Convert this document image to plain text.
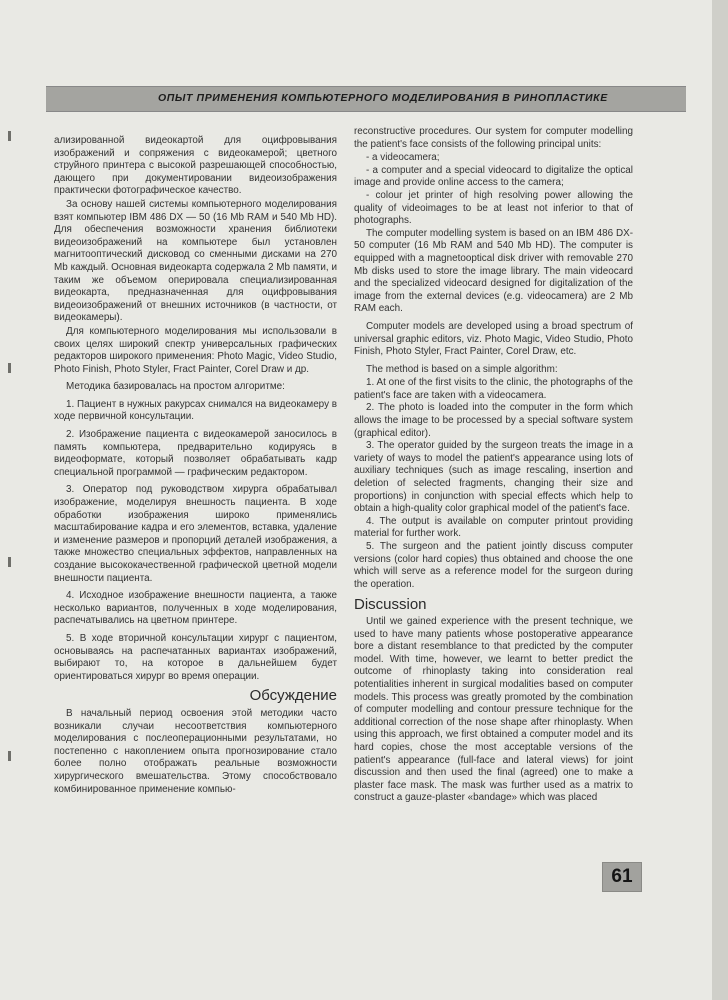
ОПЫТ ПРИМЕНЕНИЯ КОМПЬЮТЕРНОГО МОДЕЛИРОВАНИЯ В РИНОПЛАСТИКЕ

ализированной видеокартой для оцифровывания изображений и сопряжения с видеокамерой; цветного струйного принтера с высокой разрешающей способностью, дающего при документировании видеоизображения практически фотографическое качество.

За основу нашей системы компьютерного моделирования взят компьютер IBM 486 DX — 50 (16 Mb RAM и 540 Mb HD). Для обеспечения возможности хранения библиотеки видеоизображений на компьютере был установлен магнитооптический дисковод со сменными дисками на 270 Mb каждый. Основная видеокарта содержала 2 Mb памяти, и таким же объемом оперировала специализированная видеокарта, предназначенная для оцифровывания видеоизображений от внешних источников (в частности, от видеокамеры).

Для компьютерного моделирования мы использовали в своих целях широкий спектр универсальных графических редакторов широкого применения: Photo Magic, Video Studio, Photo Finish, Photo Styler, Fract Painter, Corel Draw и др.

Методика базировалась на простом алгоритме:

1. Пациент в нужных ракурсах снимался на видеокамеру в ходе первичной консультации.

2. Изображение пациента с видеокамерой заносилось в память компьютера, предварительно кодируясь в видеоформате, который позволяет обрабатывать кадр специальной программой — графическим редактором.

3. Оператор под руководством хирурга обрабатывал изображение, моделируя внешность пациента. В ходе обработки изображения широко применялись масштабирование кадра и его элементов, вставка, удаление и изменение размеров и пропорций деталей изображения, а также множество специальных эффектов, направленных на создание высококачественной графической цветной модели внешности пациента.

4. Исходное изображение внешности пациента, а также несколько вариантов, полученных в ходе моделирования, распечатывались на цветном принтере.

5. В ходе вторичной консультации хирург с пациентом, основываясь на распечатанных вариантах изображений, выбирают то, на которое в дальнейшем будет ориентироваться хирург во время операции.

Обсуждение

В начальный период освоения этой методики часто возникали случаи несоответствия компьютерного моделирования с послеоперационными результатами, но постепенно с накоплением опыта прогнозирование стало более полно отображать реальные возможности хирургического вмешательства. Этому способствовало комбинированное применение компью-

reconstructive procedures. Our system for computer modelling the patient's face consists of the following principal units:

- a videocamera;

- a computer and a special videocard to digitalize the optical image and provide online access to the camera;

- colour jet printer of high resolving power allowing the quality of videoimages to be at least not inferior to that of photographs.

The computer modelling system is based on an IBM 486 DX-50 computer (16 Mb RAM and 540 Mb HD). The computer is equipped with a magnetooptical disk driver with removable 270 Mb disks used to store the image library. The main videocard and the specialized videocard designed for digitalization of the image from the external devices (e.g. videocamera) are 2 Mb RAM each.

Computer models are developed using a broad spectrum of universal graphic editors, viz. Photo Magic, Video Studio, Photo Finish, Photo Styler, Fract Painter, Corel Draw, etc.

The method is based on a simple algorithm:

1. At one of the first visits to the clinic, the photographs of the patient's face are taken with a videocamera.

2. The photo is loaded into the computer in the form which allows the image to be processed by a special software system (graphical editor).

3. The operator guided by the surgeon treats the image in a variety of ways to model the patient's appearance using lots of auxiliary techniques (such as image rescaling, insertion and deletion of selected fragments, changing their size and proportions) in conjunction with special effects which help to obtain a high-quality color graphical model of the patient's face.

4. The output is available on computer printout providing material for further work.

5. The surgeon and the patient jointly discuss computer versions (color hard copies) thus obtained and choose the one which will serve as a reference model for the surgeon during the operation.

Discussion

Until we gained experience with the present technique, we used to have many patients whose postoperative appearance bore a distant resemblance to that predicted by the computer model. With time, however, we learnt to better predict the outcome of rhinoplasty taking into consideration real potentialities inherent in surgical modalities based on computer models. This process was greatly promoted by the combination of computer modelling and contour pressure technique for the additional correction of the nose shape after rhinoplasty. When using this approach, we first obtained a computer model and its hard copies, chose the most acceptable versions of the patient's appearance (full-face and lateral views) for joint discussion and then used the final (agreed) one to make a plaster face mask. The mask was further used as a matrix to construct a gauze-plaster «bandage» which was placed

61
